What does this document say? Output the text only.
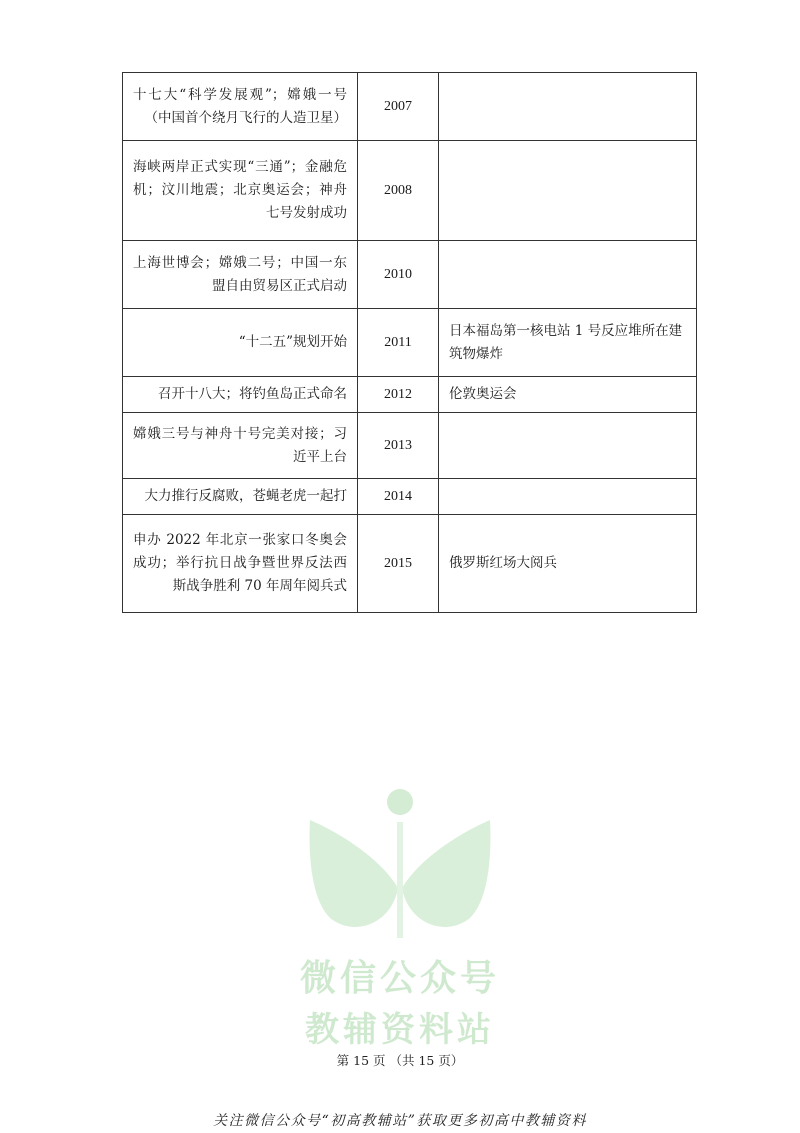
十七大“科学发展观”；嫦娥一号（中国首个绕月飞行的人造卫星）	2007	
海峡两岸正式实现“三通”；金融危机；汶川地震；北京奥运会；神舟七号发射成功	2008	
上海世博会；嫦娥二号；中国一东盟自由贸易区正式启动	2010	
“十二五”规划开始	2011	日本福岛第一核电站 1 号反应堆所在建筑物爆炸
召开十八大；将钓鱼岛正式命名	2012	伦敦奥运会
嫦娥三号与神舟十号完美对接；习近平上台	2013	
大力推行反腐败，苍蝇老虎一起打	2014	
申办 2022 年北京一张家口冬奥会成功；举行抗日战争暨世界反法西斯战争胜利 70 年周年阅兵式	2015	俄罗斯红场大阅兵
微信公众号
教辅资料站
第 15 页 （共 15 页）
关注微信公众号“初高教辅站”获取更多初高中教辅资料
